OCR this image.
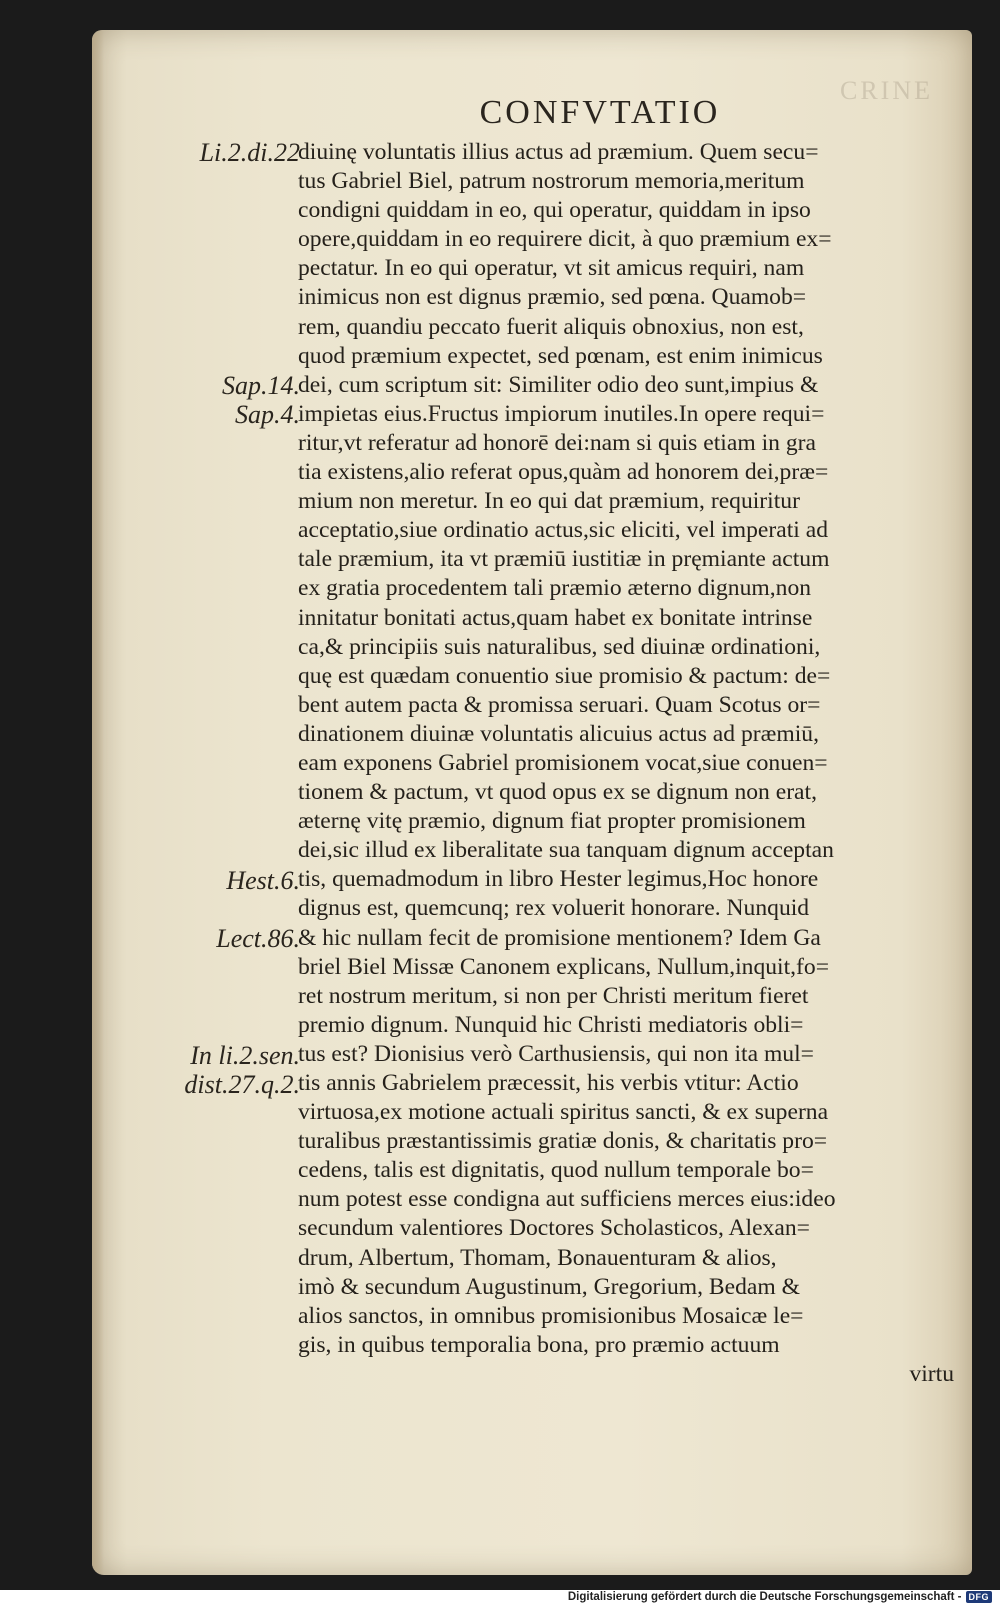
CRINE
CONFVTATIO
Li.2.di.22
Sap.14.
Sap.4.
Hest.6.
Lect.86.
In li.2.sen.
dist.27.q.2.
diuinę voluntatis illius actus ad præmium. Quem secu=
tus Gabriel Biel, patrum nostrorum memoria,meritum
condigni quiddam in eo, qui operatur, quiddam in ipso
opere,quiddam in eo requirere dicit, à quo præmium ex=
pectatur. In eo qui operatur, vt sit amicus requiri, nam
inimicus non est dignus præmio, sed pœna. Quamob=
rem, quandiu peccato fuerit aliquis obnoxius, non est,
quod præmium expectet, sed pœnam, est enim inimicus
dei, cum scriptum sit: Similiter odio deo sunt,impius &
impietas eius.Fructus impiorum inutiles.In opere requi=
ritur,vt referatur ad honorē dei:nam si quis etiam in gra
tia existens,alio referat opus,quàm ad honorem dei,præ=
mium non meretur. In eo qui dat præmium, requiritur
acceptatio,siue ordinatio actus,sic eliciti, vel imperati ad
tale præmium, ita vt præmiū iustitiæ in pręmiante actum
ex gratia procedentem tali præmio æterno dignum,non
innitatur bonitati actus,quam habet ex bonitate intrinse
ca,& principiis suis naturalibus, sed diuinæ ordinationi,
quę est quædam conuentio siue promisio & pactum: de=
bent autem pacta & promissa seruari. Quam Scotus or=
dinationem diuinæ voluntatis alicuius actus ad præmiū,
eam exponens Gabriel promisionem vocat,siue conuen=
tionem & pactum, vt quod opus ex se dignum non erat,
æternę vitę præmio, dignum fiat propter promisionem
dei,sic illud ex liberalitate sua tanquam dignum acceptan
tis, quemadmodum in libro Hester legimus,Hoc honore
dignus est, quemcunq; rex voluerit honorare. Nunquid
& hic nullam fecit de promisione mentionem? Idem Ga
briel Biel Missæ Canonem explicans, Nullum,inquit,fo=
ret nostrum meritum, si non per Christi meritum fieret
premio dignum. Nunquid hic Christi mediatoris obli=
tus est? Dionisius verò Carthusiensis, qui non ita mul=
tis annis Gabrielem præcessit, his verbis vtitur: Actio
virtuosa,ex motione actuali spiritus sancti, & ex superna
turalibus præstantissimis gratiæ donis, & charitatis pro=
cedens, talis est dignitatis, quod nullum temporale bo=
num potest esse condigna aut sufficiens merces eius:ideo
secundum valentiores Doctores Scholasticos, Alexan=
drum, Albertum, Thomam, Bonauenturam & alios,
imò & secundum Augustinum, Gregorium, Bedam &
alios sanctos, in omnibus promisionibus Mosaicæ le=
gis, in quibus temporalia bona, pro præmio actuum
virtu
Digitalisierung gefördert durch die Deutsche Forschungsgemeinschaft - DFG
